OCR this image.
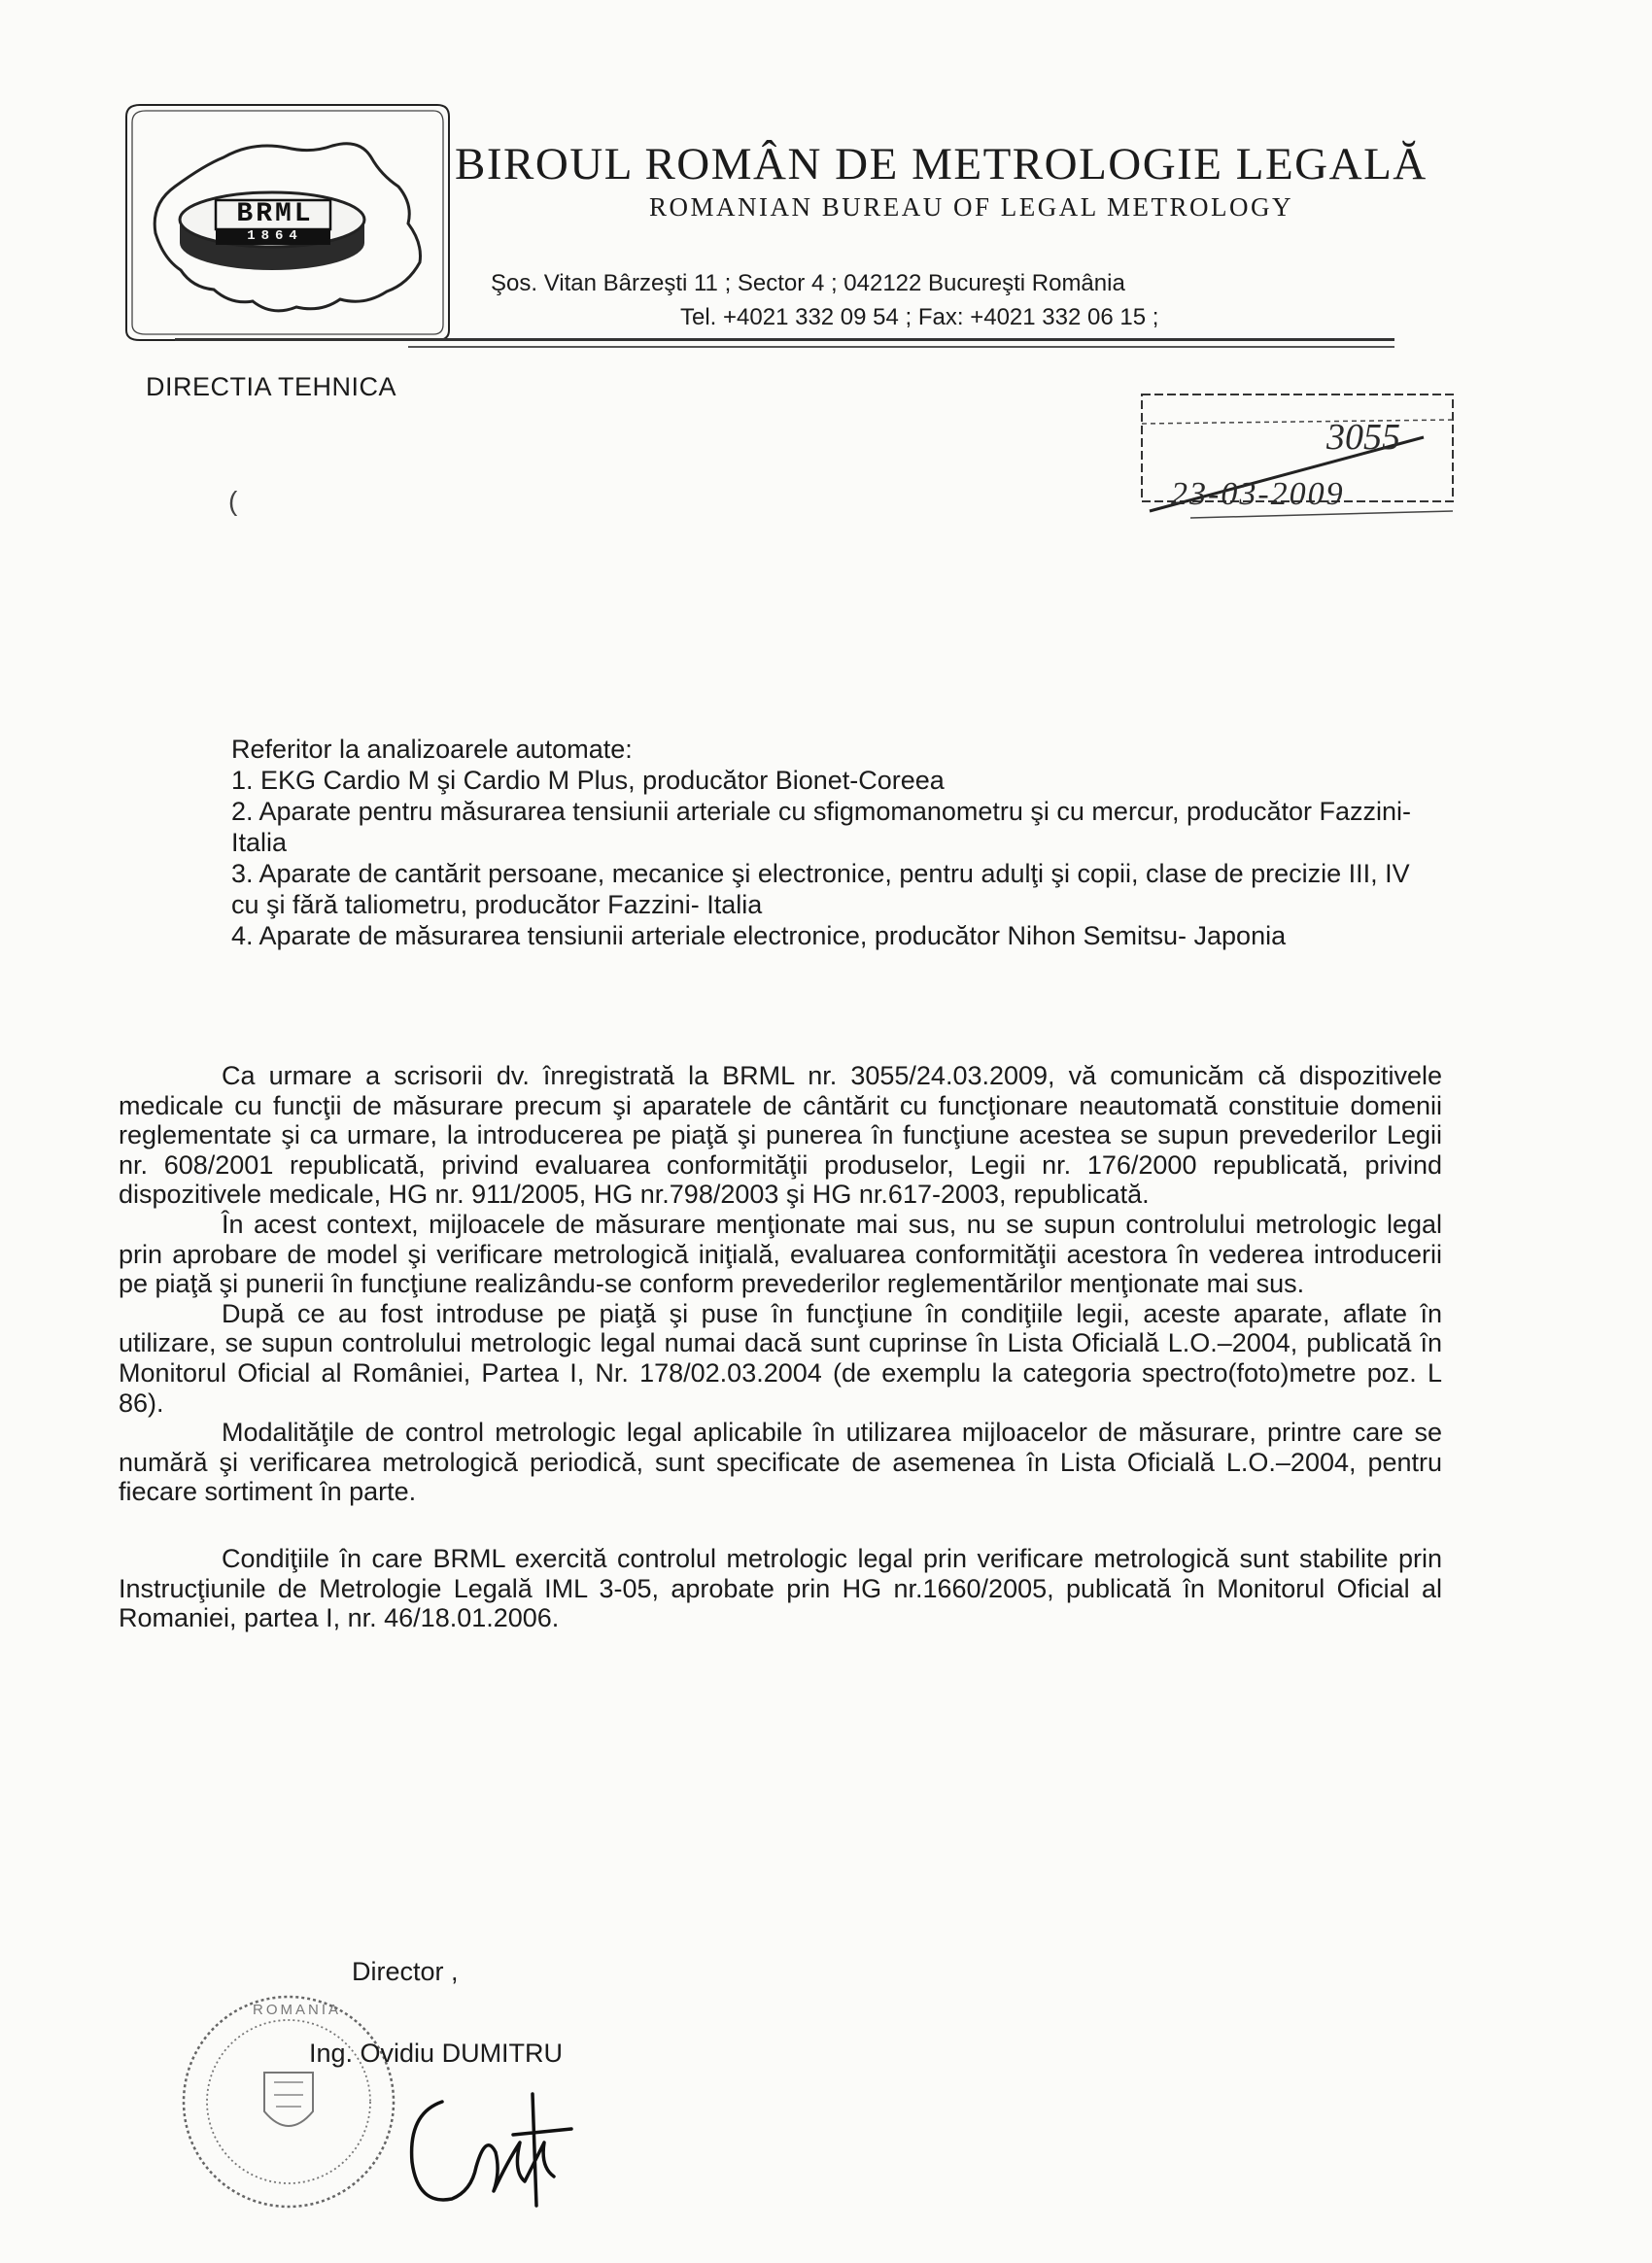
BRML
1864
BIROUL ROMÂN DE METROLOGIE LEGALĂ
ROMANIAN BUREAU OF LEGAL METROLOGY
Şos. Vitan Bârzeşti 11 ; Sector 4 ; 042122 Bucureşti România
Tel. +4021 332 09 54 ; Fax: +4021 332 06 15 ;
DIRECTIA TEHNICA
3055
23-03-2009
(

Referitor la analizoarele automate:

1. EKG Cardio M şi Cardio M Plus, producător Bionet-Coreea

2. Aparate pentru măsurarea tensiunii arteriale cu sfigmomanometru şi cu mercur, producător Fazzini- Italia

3. Aparate de cantărit persoane, mecanice şi electronice, pentru adulţi şi copii, clase de precizie III, IV cu şi fără taliometru, producător Fazzini- Italia

4. Aparate de măsurarea tensiunii arteriale electronice, producător Nihon Semitsu- Japonia

Ca urmare a scrisorii dv. înregistrată la BRML nr. 3055/24.03.2009, vă comunicăm că dispozitivele medicale cu funcţii de măsurare precum şi aparatele de cântărit cu funcţionare neautomată constituie domenii reglementate şi ca urmare, la introducerea pe piaţă şi punerea în funcţiune acestea se supun prevederilor Legii nr. 608/2001 republicată, privind evaluarea conformităţii produselor, Legii nr. 176/2000 republicată, privind dispozitivele medicale, HG nr. 911/2005, HG nr.798/2003 şi HG nr.617-2003, republicată.

În acest context, mijloacele de măsurare menţionate mai sus, nu se supun controlului metrologic legal prin aprobare de model şi verificare metrologică iniţială, evaluarea conformităţii acestora în vederea introducerii pe piaţă şi punerii în funcţiune realizându-se conform prevederilor reglementărilor menţionate mai sus.

După ce au fost introduse pe piaţă şi puse în funcţiune în condiţiile legii, aceste aparate, aflate în utilizare, se supun controlului metrologic legal numai dacă sunt cuprinse în Lista Oficială L.O.–2004, publicată în Monitorul Oficial al României, Partea I, Nr. 178/02.03.2004 (de exemplu la categoria spectro(foto)metre poz. L 86).

Modalităţile de control metrologic legal aplicabile în utilizarea mijloacelor de măsurare, printre care se numără şi verificarea metrologică periodică, sunt specificate de asemenea în Lista Oficială L.O.–2004, pentru fiecare sortiment în parte.

Condiţiile în care BRML exercită controlul metrologic legal prin verificare metrologică sunt stabilite prin Instrucţiunile de Metrologie Legală IML 3-05, aprobate prin HG nr.1660/2005, publicată în Monitorul Oficial al Romaniei, partea I, nr. 46/18.01.2006.

ROMANIA
Director ,
Ing. Ovidiu DUMITRU
